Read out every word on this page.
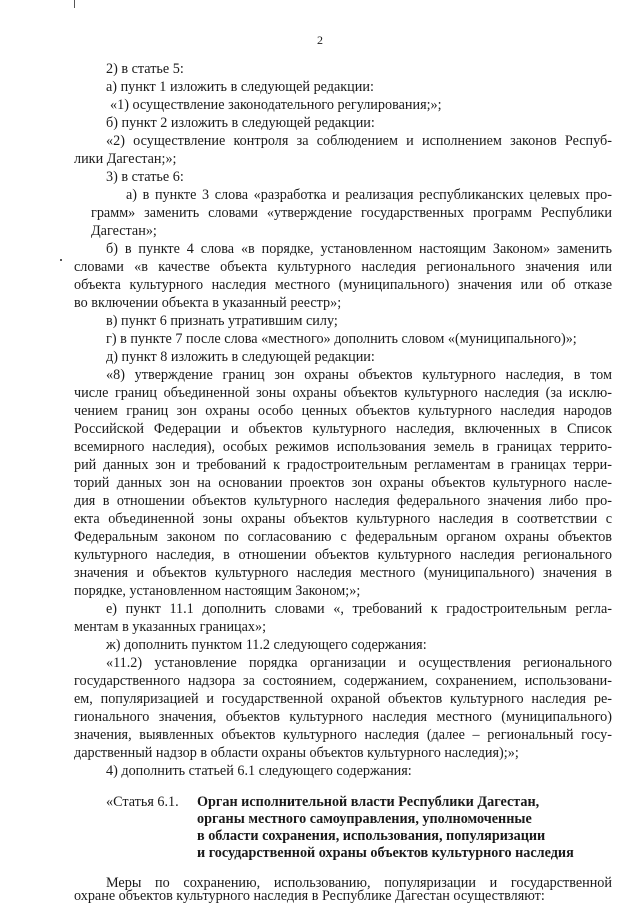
2
2) в статье 5:
а) пункт 1 изложить в следующей редакции:
«1) осуществление законодательного регулирования;»;
б) пункт 2 изложить в следующей редакции:
«2) осуществление контроля за соблюдением и исполнением законов Респуб-
лики Дагестан;»;
3) в статье 6:
а) в пункте 3 слова «разработка и реализация республиканских целевых про-
грамм» заменить словами «утверждение государственных программ Республики
Дагестан»;
б) в пункте 4 слова «в порядке, установленном настоящим Законом» заменить
словами «в качестве объекта культурного наследия регионального значения или
объекта культурного наследия местного (муниципального) значения или об отказе
во включении объекта в указанный реестр»;
в) пункт 6 признать утратившим силу;
г) в пункте 7 после слова «местного» дополнить словом «(муниципального)»;
д) пункт 8 изложить в следующей редакции:
«8) утверждение границ зон охраны объектов культурного наследия, в том
числе границ объединенной зоны охраны объектов культурного наследия (за исклю-
чением границ зон охраны особо ценных объектов культурного наследия народов
Российской Федерации и объектов культурного наследия, включенных в Список
всемирного наследия), особых режимов использования земель в границах террито-
рий данных зон и требований к градостроительным регламентам в границах терри-
торий данных зон на основании проектов зон охраны объектов культурного насле-
дия в отношении объектов культурного наследия федерального значения либо про-
екта объединенной зоны охраны объектов культурного наследия в соответствии с
Федеральным законом по согласованию с федеральным органом охраны объектов
культурного наследия, в отношении объектов культурного наследия регионального
значения и объектов культурного наследия местного (муниципального) значения в
порядке, установленном настоящим Законом;»;
е) пункт 11.1 дополнить словами «, требований к градостроительным регла-
ментам в указанных границах»;
ж) дополнить пунктом 11.2 следующего содержания:
«11.2) установление порядка организации и осуществления регионального
государственного надзора за состоянием, содержанием, сохранением, использовани-
ем, популяризацией и государственной охраной объектов культурного наследия ре-
гионального значения, объектов культурного наследия местного (муниципального)
значения, выявленных объектов культурного наследия (далее – региональный госу-
дарственный надзор в области охраны объектов культурного наследия);»;
4) дополнить статьей 6.1 следующего содержания:
«Статья 6.1. Орган исполнительной власти Республики Дагестан,
органы местного самоуправления, уполномоченные
в области сохранения, использования, популяризации
и государственной охраны объектов культурного наследия
Меры по сохранению, использованию, популяризации и государственной
охране объектов культурного наследия в Республике Дагестан осуществляют:
